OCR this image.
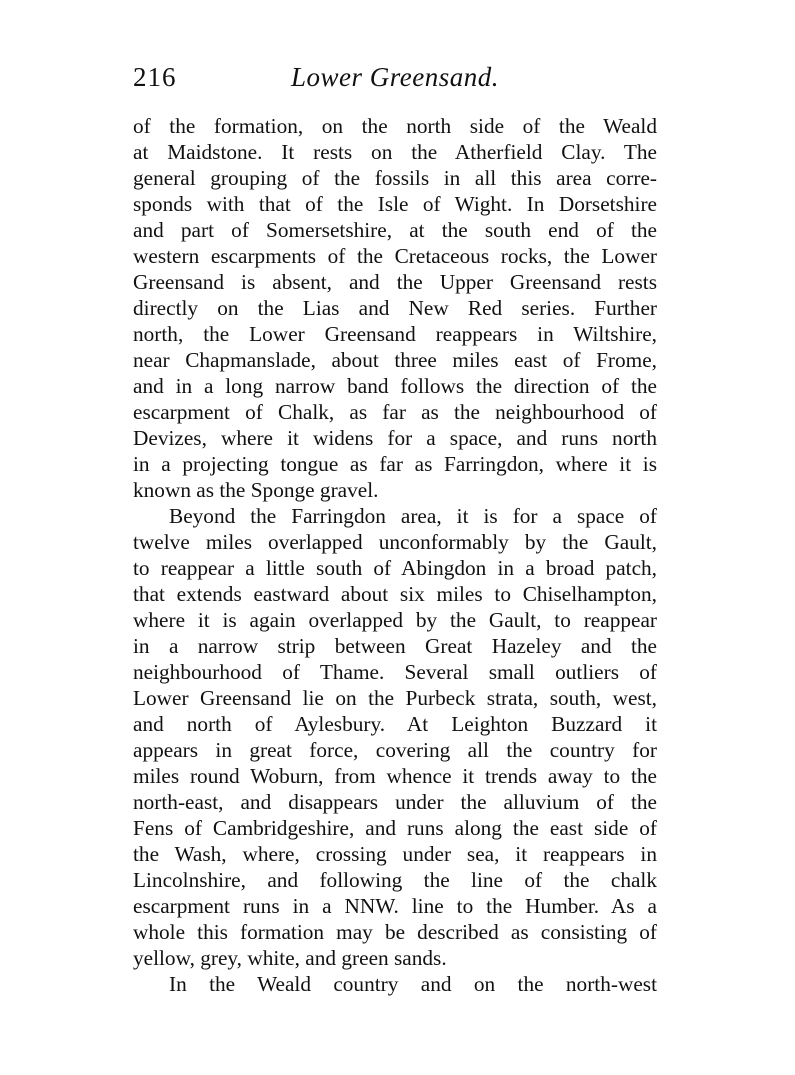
216	Lower Greensand.
of the formation, on the north side of the Weald
at Maidstone. It rests on the Atherfield Clay. The
general grouping of the fossils in all this area corre-
sponds with that of the Isle of Wight. In Dorsetshire
and part of Somersetshire, at the south end of the
western escarpments of the Cretaceous rocks, the Lower
Greensand is absent, and the Upper Greensand rests
directly on the Lias and New Red series. Further
north, the Lower Greensand reappears in Wiltshire,
near Chapmanslade, about three miles east of Frome,
and in a long narrow band follows the direction of the
escarpment of Chalk, as far as the neighbourhood of
Devizes, where it widens for a space, and runs north
in a projecting tongue as far as Farringdon, where it is
known as the Sponge gravel.
Beyond the Farringdon area, it is for a space of
twelve miles overlapped unconformably by the Gault,
to reappear a little south of Abingdon in a broad patch,
that extends eastward about six miles to Chiselhampton,
where it is again overlapped by the Gault, to reappear
in a narrow strip between Great Hazeley and the
neighbourhood of Thame. Several small outliers of
Lower Greensand lie on the Purbeck strata, south, west,
and north of Aylesbury. At Leighton Buzzard it
appears in great force, covering all the country for
miles round Woburn, from whence it trends away to the
north-east, and disappears under the alluvium of the
Fens of Cambridgeshire, and runs along the east side of
the Wash, where, crossing under sea, it reappears in
Lincolnshire, and following the line of the chalk
escarpment runs in a NNW. line to the Humber. As a
whole this formation may be described as consisting of
yellow, grey, white, and green sands.
In the Weald country and on the north-west
